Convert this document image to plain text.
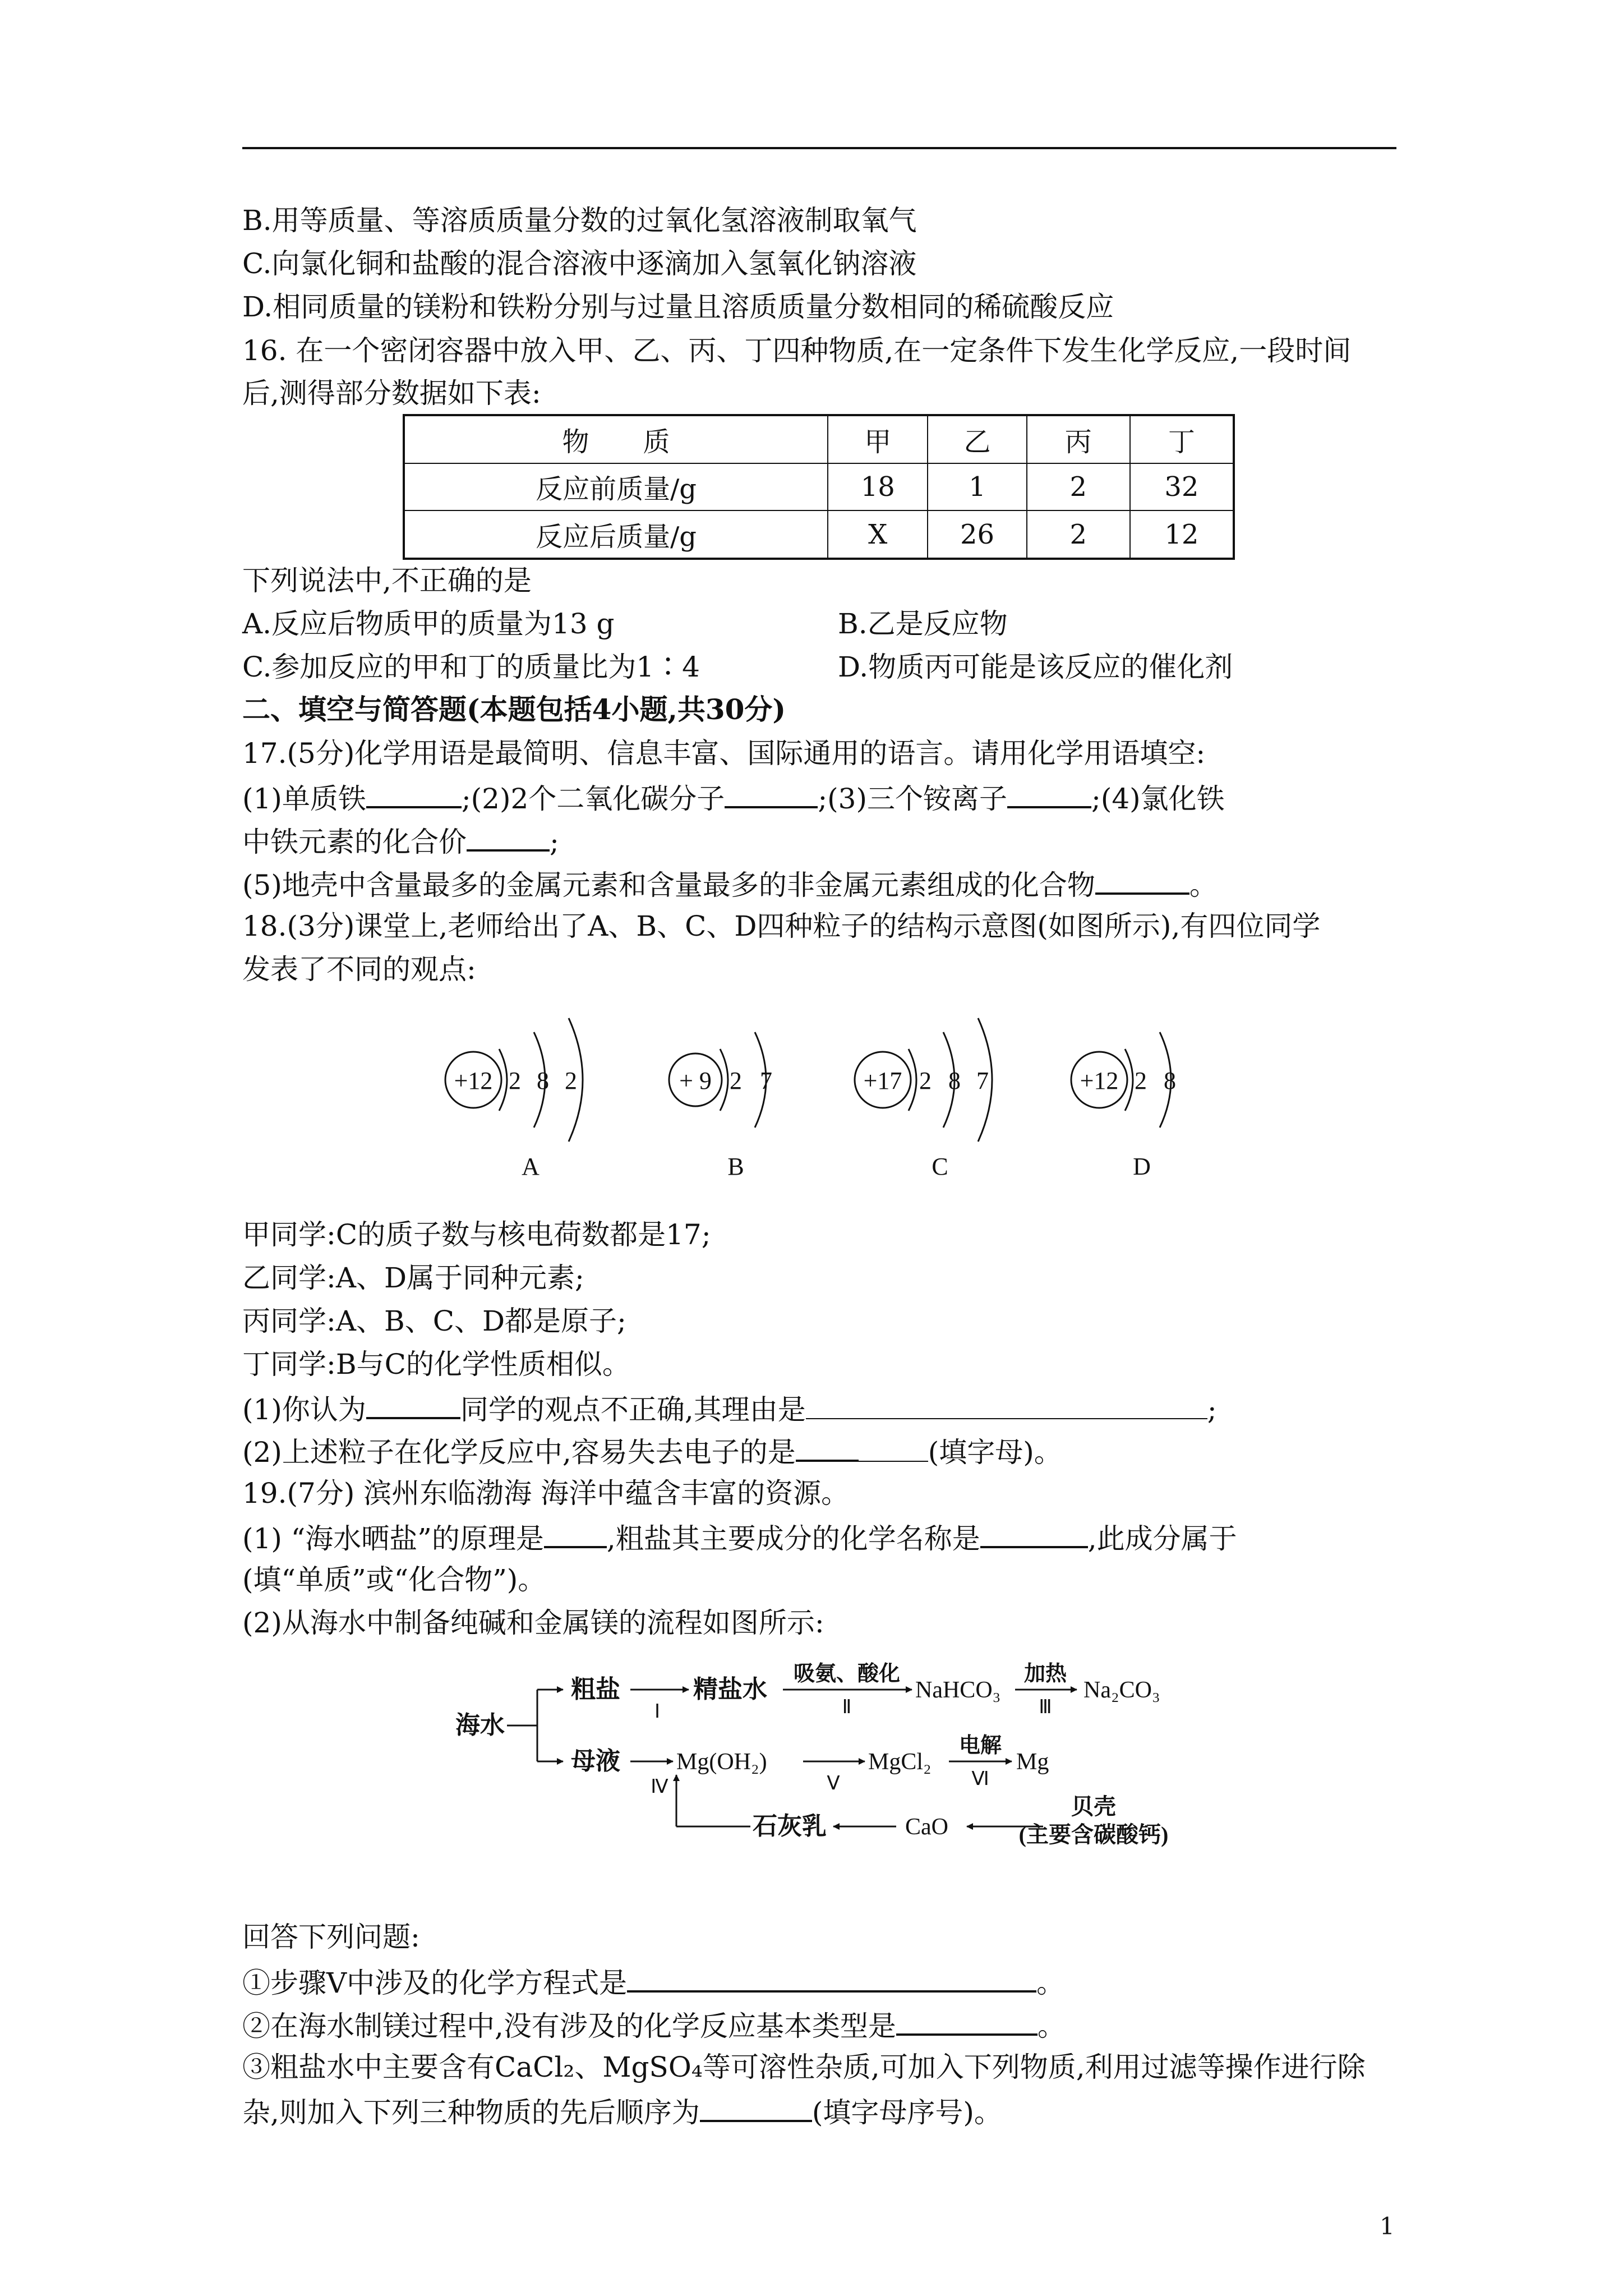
B.用等质量、等溶质质量分数的过氧化氢溶液制取氧气
C.向氯化铜和盐酸的混合溶液中逐滴加入氢氧化钠溶液
D.相同质量的镁粉和铁粉分别与过量且溶质质量分数相同的稀硫酸反应
16. 在一个密闭容器中放入甲、乙、丙、丁四种物质,在一定条件下发生化学反应,一段时间
后,测得部分数据如下表:
物　　质	甲	乙	丙	丁
反应前质量/g	18	1	2	32
反应后质量/g	X	26	2	12
下列说法中,不正确的是
A.反应后物质甲的质量为13 g	B.乙是反应物
C.参加反应的甲和丁的质量比为1∶4	D.物质丙可能是该反应的催化剂
二、填空与简答题(本题包括4小题,共30分)
17.(5分)化学用语是最简明、信息丰富、国际通用的语言。请用化学用语填空:
(1)单质铁	;(2)2个二氧化碳分子	;(3)三个铵离子	;(4)氯化铁
中铁元素的化合价	;
(5)地壳中含量最多的金属元素和含量最多的非金属元素组成的化合物	。
18.(3分)课堂上,老师给出了A、B、C、D四种粒子的结构示意图(如图所示),有四位同学
发表了不同的观点:
+12 2 8 2
A
+ 9 2 7
B
+17 2 8 7
C
+12 2 8
D
甲同学:C的质子数与核电荷数都是17;
乙同学:A、D属于同种元素;
丙同学:A、B、C、D都是原子;
丁同学:B与C的化学性质相似。
(1)你认为	同学的观点不正确,其理由是	;
(2)上述粒子在化学反应中,容易失去电子的是	(填字母)。
19.(7分) 滨州东临渤海 海洋中蕴含丰富的资源。
(1) “海水晒盐”的原理是 ,粗盐其主要成分的化学名称是	,此成分属于
(填“单质”或“化合物”)。
(2)从海水中制备纯碱和金属镁的流程如图所示:
海水
粗盐
Ⅰ
精盐水
吸氨、酸化
Ⅱ
NaHCO₃
加热
Ⅲ
Na₂CO₃
母液
Ⅳ
Mg(OH₂)
Ⅴ
MgCl₂
电解
Ⅵ
Mg
石灰乳	CaO
贝壳
(主要含碳酸钙)
回答下列问题:
①步骤Ⅴ中涉及的化学方程式是	。
②在海水制镁过程中,没有涉及的化学反应基本类型是	。
③粗盐水中主要含有CaCl₂、MgSO₄等可溶性杂质,可加入下列物质,利用过滤等操作进行除
杂,则加入下列三种物质的先后顺序为	(填字母序号)。
1
